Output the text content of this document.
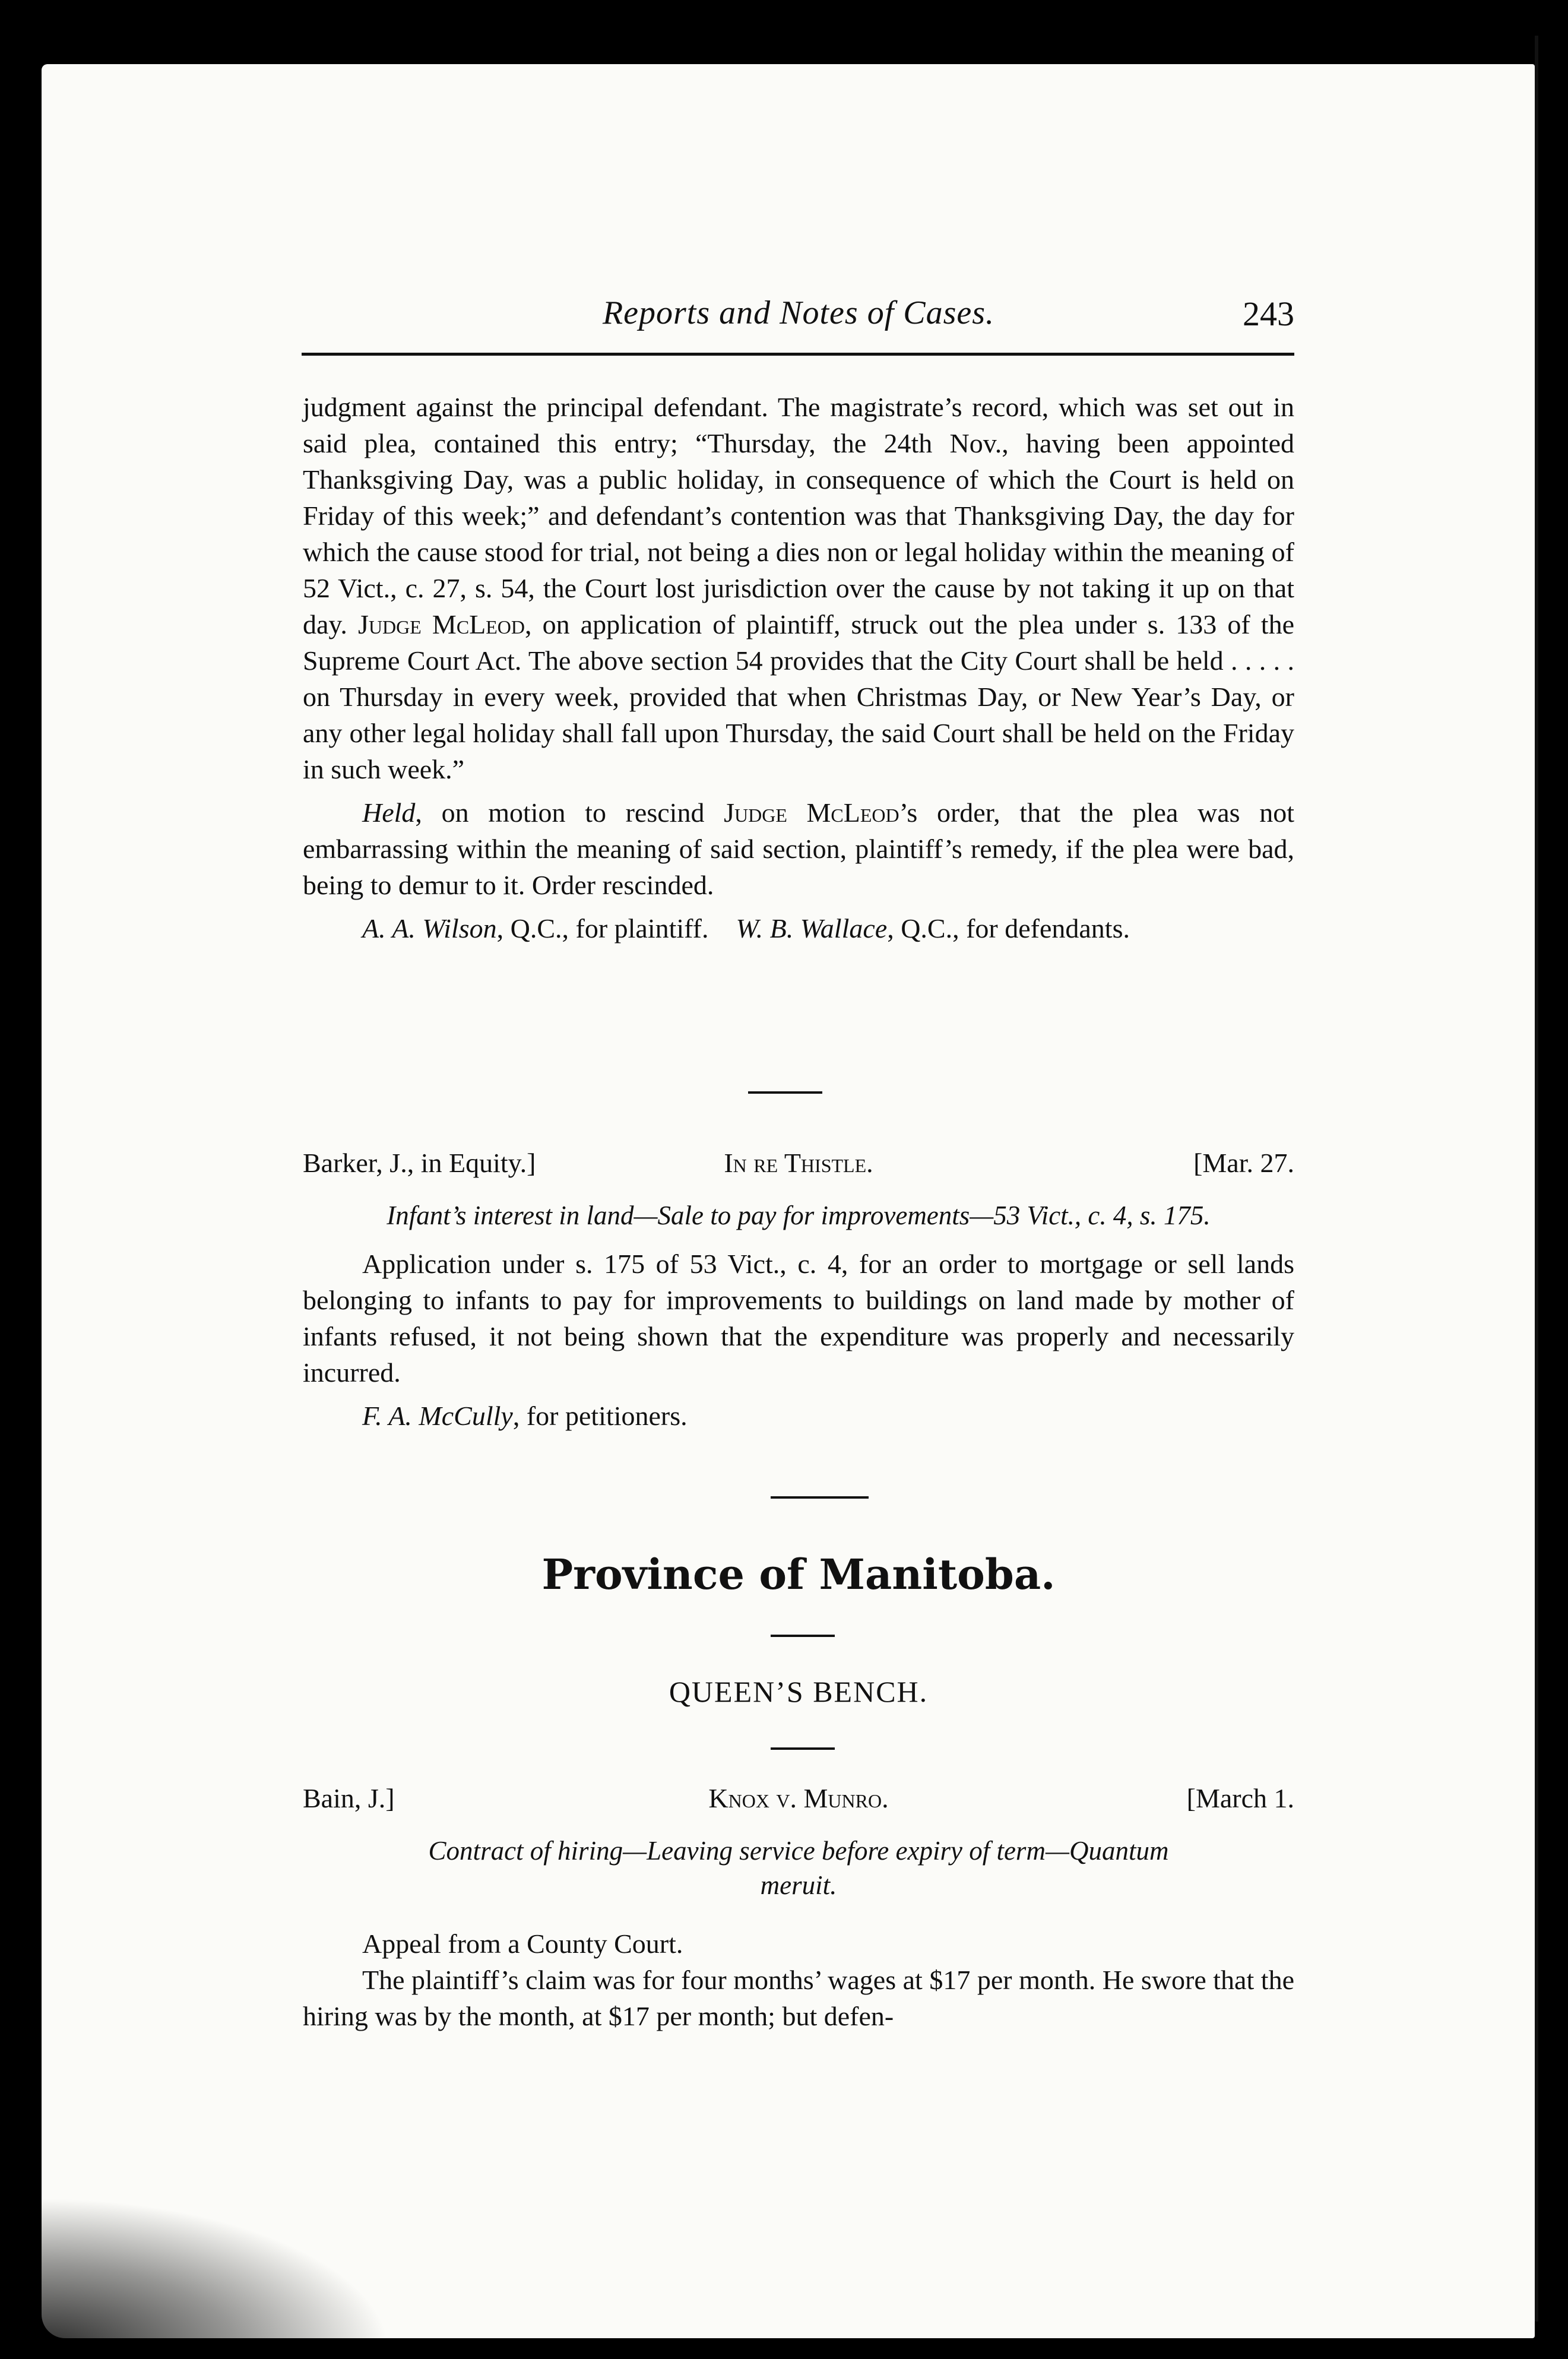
Reports and Notes of Cases.	243

judgment against the principal defendant. The magistrate’s record, which was set out in said plea, contained this entry; “Thursday, the 24th Nov., having been appointed Thanksgiving Day, was a public holiday, in consequence of which the Court is held on Friday of this week;” and defendant’s contention was that Thanksgiving Day, the day for which the cause stood for trial, not being a dies non or legal holiday within the meaning of 52 Vict., c. 27, s. 54, the Court lost jurisdiction over the cause by not taking it up on that day. Judge McLeod, on application of plaintiff, struck out the plea under s. 133 of the Supreme Court Act. The above section 54 provides that the City Court shall be held . . . . . on Thursday in every week, provided that when Christmas Day, or New Year’s Day, or any other legal holiday shall fall upon Thursday, the said Court shall be held on the Friday in such week.”

Held, on motion to rescind Judge McLeod’s order, that the plea was not embarrassing within the meaning of said section, plaintiff’s remedy, if the plea were bad, being to demur to it. Order rescinded.

A. A. Wilson, Q.C., for plaintiff. W. B. Wallace, Q.C., for defendants.

Barker, J., in Equity.]	In re Thistle.	[Mar. 27.
Infant’s interest in land—Sale to pay for improvements—53 Vict., c. 4, s. 175.

Application under s. 175 of 53 Vict., c. 4, for an order to mortgage or sell lands belonging to infants to pay for improvements to buildings on land made by mother of infants refused, it not being shown that the expenditure was properly and necessarily incurred.

F. A. McCully, for petitioners.

Province of Manitoba.
QUEEN’S BENCH.
Bain, J.]	Knox v. Munro.	[March 1.
Contract of hiring—Leaving service before expiry of term—Quantum meruit.

Appeal from a County Court.

The plaintiff’s claim was for four months’ wages at $17 per month. He swore that the hiring was by the month, at $17 per month; but defen-
